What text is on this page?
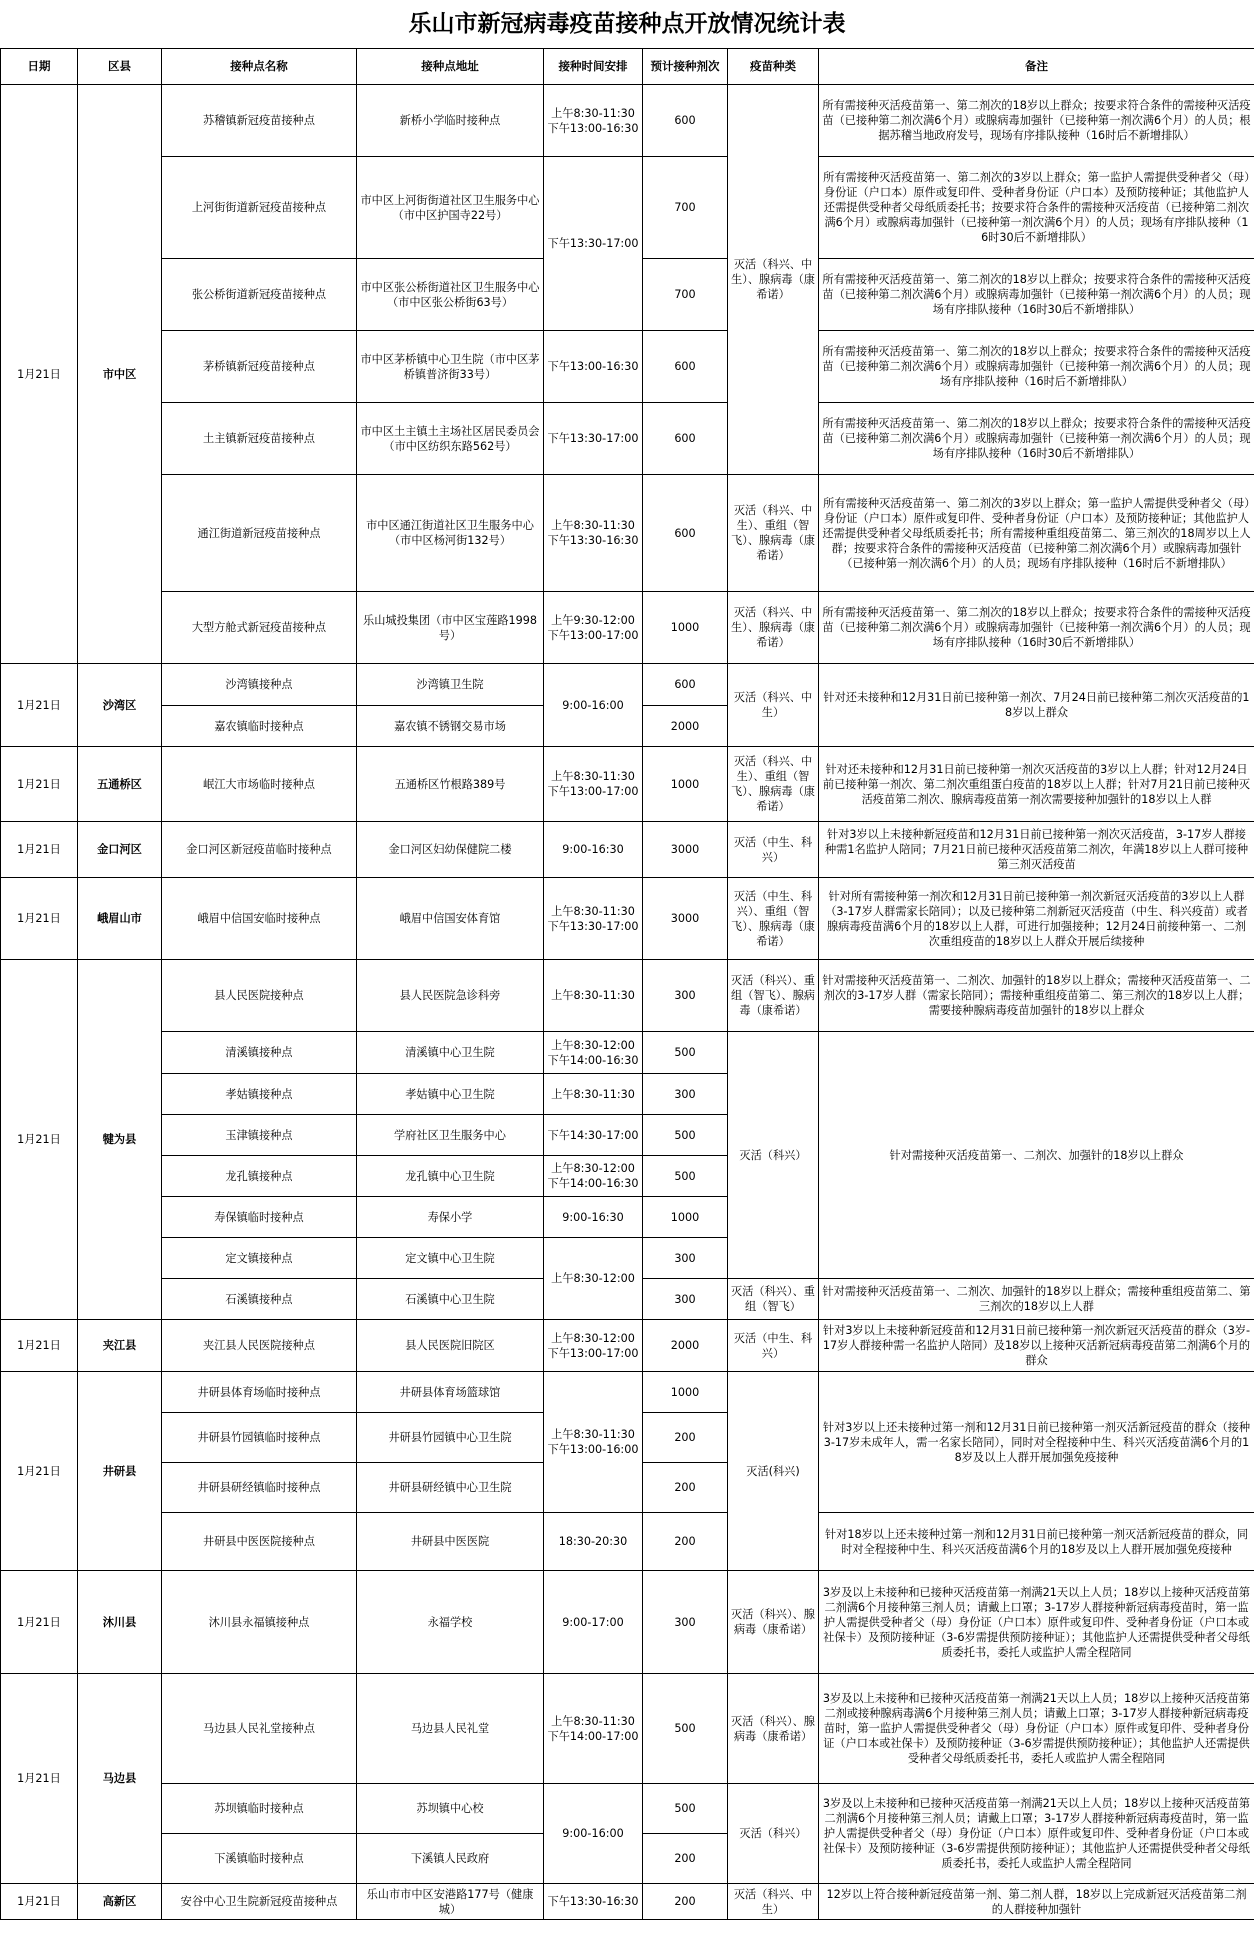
乐山市新冠病毒疫苗接种点开放情况统计表
日期	区县	接种点名称	接种点地址	接种时间安排	预计接种剂次	疫苗种类	备注
1月21日	市中区	苏稽镇新冠疫苗接种点	新桥小学临时接种点	上午8:30-11:30
下午13:00-16:30	600	灭活（科兴、中生）、腺病毒（康希诺）	所有需接种灭活疫苗第一、第二剂次的18岁以上群众；按要求符合条件的需接种灭活疫苗（已接种第二剂次满6个月）或腺病毒加强针（已接种第一剂次满6个月）的人员；根据苏稽当地政府发号，现场有序排队接种（16时后不新增排队）
		上河街街道新冠疫苗接种点	市中区上河街街道社区卫生服务中心（市中区护国寺22号）	下午13:30-17:00	700		所有需接种灭活疫苗第一、第二剂次的3岁以上群众；第一监护人需提供受种者父（母）身份证（户口本）原件或复印件、受种者身份证（户口本）及预防接种证；其他监护人还需提供受种者父母纸质委托书；按要求符合条件的需接种灭活疫苗（已接种第二剂次满6个月）或腺病毒加强针（已接种第一剂次满6个月）的人员；现场有序排队接种（16时30后不新增排队）
		张公桥街道新冠疫苗接种点	市中区张公桥街道社区卫生服务中心（市中区张公桥街63号）		700		所有需接种灭活疫苗第一、第二剂次的18岁以上群众；按要求符合条件的需接种灭活疫苗（已接种第二剂次满6个月）或腺病毒加强针（已接种第一剂次满6个月）的人员；现场有序排队接种（16时30后不新增排队）
		茅桥镇新冠疫苗接种点	市中区茅桥镇中心卫生院（市中区茅桥镇普济街33号）	下午13:00-16:30	600		所有需接种灭活疫苗第一、第二剂次的18岁以上群众；按要求符合条件的需接种灭活疫苗（已接种第二剂次满6个月）或腺病毒加强针（已接种第一剂次满6个月）的人员；现场有序排队接种（16时后不新增排队）
		土主镇新冠疫苗接种点	市中区土主镇土主场社区居民委员会（市中区纺织东路562号）	下午13:30-17:00	600		所有需接种灭活疫苗第一、第二剂次的18岁以上群众；按要求符合条件的需接种灭活疫苗（已接种第二剂次满6个月）或腺病毒加强针（已接种第一剂次满6个月）的人员；现场有序排队接种（16时30后不新增排队）
		通江街道新冠疫苗接种点	市中区通江街道社区卫生服务中心（市中区杨河街132号）	上午8:30-11:30
下午13:30-16:30	600	灭活（科兴、中生）、重组（智飞）、腺病毒（康希诺）	所有需接种灭活疫苗第一、第二剂次的3岁以上群众；第一监护人需提供受种者父（母）身份证（户口本）原件或复印件、受种者身份证（户口本）及预防接种证；其他监护人还需提供受种者父母纸质委托书；所有需接种重组疫苗第二、第三剂次的18周岁以上人群；按要求符合条件的需接种灭活疫苗（已接种第二剂次满6个月）或腺病毒加强针（已接种第一剂次满6个月）的人员；现场有序排队接种（16时后不新增排队）
		大型方舱式新冠疫苗接种点	乐山城投集团（市中区宝莲路1998号）	上午9:30-12:00
下午13:00-17:00	1000	灭活（科兴、中生）、腺病毒（康希诺）	所有需接种灭活疫苗第一、第二剂次的18岁以上群众；按要求符合条件的需接种灭活疫苗（已接种第二剂次满6个月）或腺病毒加强针（已接种第一剂次满6个月）的人员；现场有序排队接种（16时30后不新增排队）
1月21日	沙湾区	沙湾镇接种点	沙湾镇卫生院	9:00-16:00	600	灭活（科兴、中生）	针对还未接种和12月31日前已接种第一剂次、7月24日前已接种第二剂次灭活疫苗的18岁以上群众
		嘉农镇临时接种点	嘉农镇不锈钢交易市场		2000		
1月21日	五通桥区	岷江大市场临时接种点	五通桥区竹根路389号	上午8:30-11:30
下午13:00-17:00	1000	灭活（科兴、中生）、重组（智飞）、腺病毒（康希诺）	针对还未接种和12月31日前已接种第一剂次灭活疫苗的3岁以上人群；针对12月24日前已接种第一剂次、第二剂次重组蛋白疫苗的18岁以上人群；针对7月21日前已接种灭活疫苗第二剂次、腺病毒疫苗第一剂次需要接种加强针的18岁以上人群
1月21日	金口河区	金口河区新冠疫苗临时接种点	金口河区妇幼保健院二楼	9:00-16:30	3000	灭活（中生、科兴）	针对3岁以上未接种新冠疫苗和12月31日前已接种第一剂次灭活疫苗，3-17岁人群接种需1名监护人陪同；7月21日前已接种灭活疫苗第二剂次，年满18岁以上人群可接种第三剂灭活疫苗
1月21日	峨眉山市	峨眉中信国安临时接种点	峨眉中信国安体育馆	上午8:30-11:30
下午13:30-17:00	3000	灭活（中生、科兴）、重组（智飞）、腺病毒（康希诺）	针对所有需接种第一剂次和12月31日前已接种第一剂次新冠灭活疫苗的3岁以上人群（3-17岁人群需家长陪同）；以及已接种第二剂新冠灭活疫苗（中生、科兴疫苗）或者腺病毒疫苗满6个月的18岁以上人群，可进行加强接种；12月24日前接种第一、二剂次重组疫苗的18岁以上人群众开展后续接种
1月21日	犍为县	县人民医院接种点	县人民医院急诊科旁	上午8:30-11:30	300	灭活（科兴）、重组（智飞）、腺病毒（康希诺）	针对需接种灭活疫苗第一、二剂次、加强针的18岁以上群众；需接种灭活疫苗第一、二剂次的3-17岁人群（需家长陪同）；需接种重组疫苗第二、第三剂次的18岁以上人群；需要接种腺病毒疫苗加强针的18岁以上群众
		清溪镇接种点	清溪镇中心卫生院	上午8:30-12:00
下午14:00-16:30	500	灭活（科兴）	针对需接种灭活疫苗第一、二剂次、加强针的18岁以上群众
		孝姑镇接种点	孝姑镇中心卫生院	上午8:30-11:30	300		
		玉津镇接种点	学府社区卫生服务中心	下午14:30-17:00	500		
		龙孔镇接种点	龙孔镇中心卫生院	上午8:30-12:00
下午14:00-16:30	500		
		寿保镇临时接种点	寿保小学	9:00-16:30	1000		
		定文镇接种点	定文镇中心卫生院	上午8:30-12:00	300		
		石溪镇接种点	石溪镇中心卫生院		300	灭活（科兴）、重组（智飞）	针对需接种灭活疫苗第一、二剂次、加强针的18岁以上群众；需接种重组疫苗第二、第三剂次的18岁以上人群
1月21日	夹江县	夹江县人民医院接种点	县人民医院旧院区	上午8:30-12:00
下午13:00-17:00	2000	灭活（中生、科兴）	针对3岁以上未接种新冠疫苗和12月31日前已接种第一剂次新冠灭活疫苗的群众（3岁-17岁人群接种需一名监护人陪同）及18岁以上接种灭活新冠病毒疫苗第二剂满6个月的群众
1月21日	井研县	井研县体育场临时接种点	井研县体育场篮球馆	上午8:30-11:30
下午13:00-16:00	1000	灭活(科兴)	针对3岁以上还未接种过第一剂和12月31日前已接种第一剂灭活新冠疫苗的群众（接种3-17岁未成年人，需一名家长陪同），同时对全程接种中生、科兴灭活疫苗满6个月的18岁及以上人群开展加强免疫接种
		井研县竹园镇临时接种点	井研县竹园镇中心卫生院		200		
		井研县研经镇临时接种点	井研县研经镇中心卫生院		200		
		井研县中医医院接种点	井研县中医医院	18:30-20:30	200		针对18岁以上还未接种过第一剂和12月31日前已接种第一剂灭活新冠疫苗的群众，同时对全程接种中生、科兴灭活疫苗满6个月的18岁及以上人群开展加强免疫接种
1月21日	沐川县	沐川县永福镇接种点	永福学校	9:00-17:00	300	灭活（科兴）、腺病毒（康希诺）	3岁及以上未接种和已接种灭活疫苗第一剂满21天以上人员；18岁以上接种灭活疫苗第二剂满6个月接种第三剂人员；请戴上口罩；3-17岁人群接种新冠病毒疫苗时，第一监护人需提供受种者父（母）身份证（户口本）原件或复印件、受种者身份证（户口本或社保卡）及预防接种证（3-6岁需提供预防接种证）；其他监护人还需提供受种者父母纸质委托书，委托人或监护人需全程陪同
1月21日	马边县	马边县人民礼堂接种点	马边县人民礼堂	上午8:30-11:30
下午14:00-17:00	500	灭活（科兴）、腺病毒（康希诺）	3岁及以上未接种和已接种灭活疫苗第一剂满21天以上人员；18岁以上接种灭活疫苗第二剂或接种腺病毒满6个月接种第三剂人员；请戴上口罩；3-17岁人群接种新冠病毒疫苗时，第一监护人需提供受种者父（母）身份证（户口本）原件或复印件、受种者身份证（户口本或社保卡）及预防接种证（3-6岁需提供预防接种证）；其他监护人还需提供受种者父母纸质委托书，委托人或监护人需全程陪同
		苏坝镇临时接种点	苏坝镇中心校	9:00-16:00	500	灭活（科兴）	3岁及以上未接种和已接种灭活疫苗第一剂满21天以上人员；18岁以上接种灭活疫苗第二剂满6个月接种第三剂人员；请戴上口罩；3-17岁人群接种新冠病毒疫苗时，第一监护人需提供受种者父（母）身份证（户口本）原件或复印件、受种者身份证（户口本或社保卡）及预防接种证（3-6岁需提供预防接种证）；其他监护人还需提供受种者父母纸质委托书，委托人或监护人需全程陪同
		下溪镇临时接种点	下溪镇人民政府		200		
1月21日	高新区	安谷中心卫生院新冠疫苗接种点	乐山市市中区安港路177号（健康城）	下午13:30-16:30	200	灭活（科兴、中生）	12岁以上符合接种新冠疫苗第一剂、第二剂人群，18岁以上完成新冠灭活疫苗第二剂的人群接种加强针
